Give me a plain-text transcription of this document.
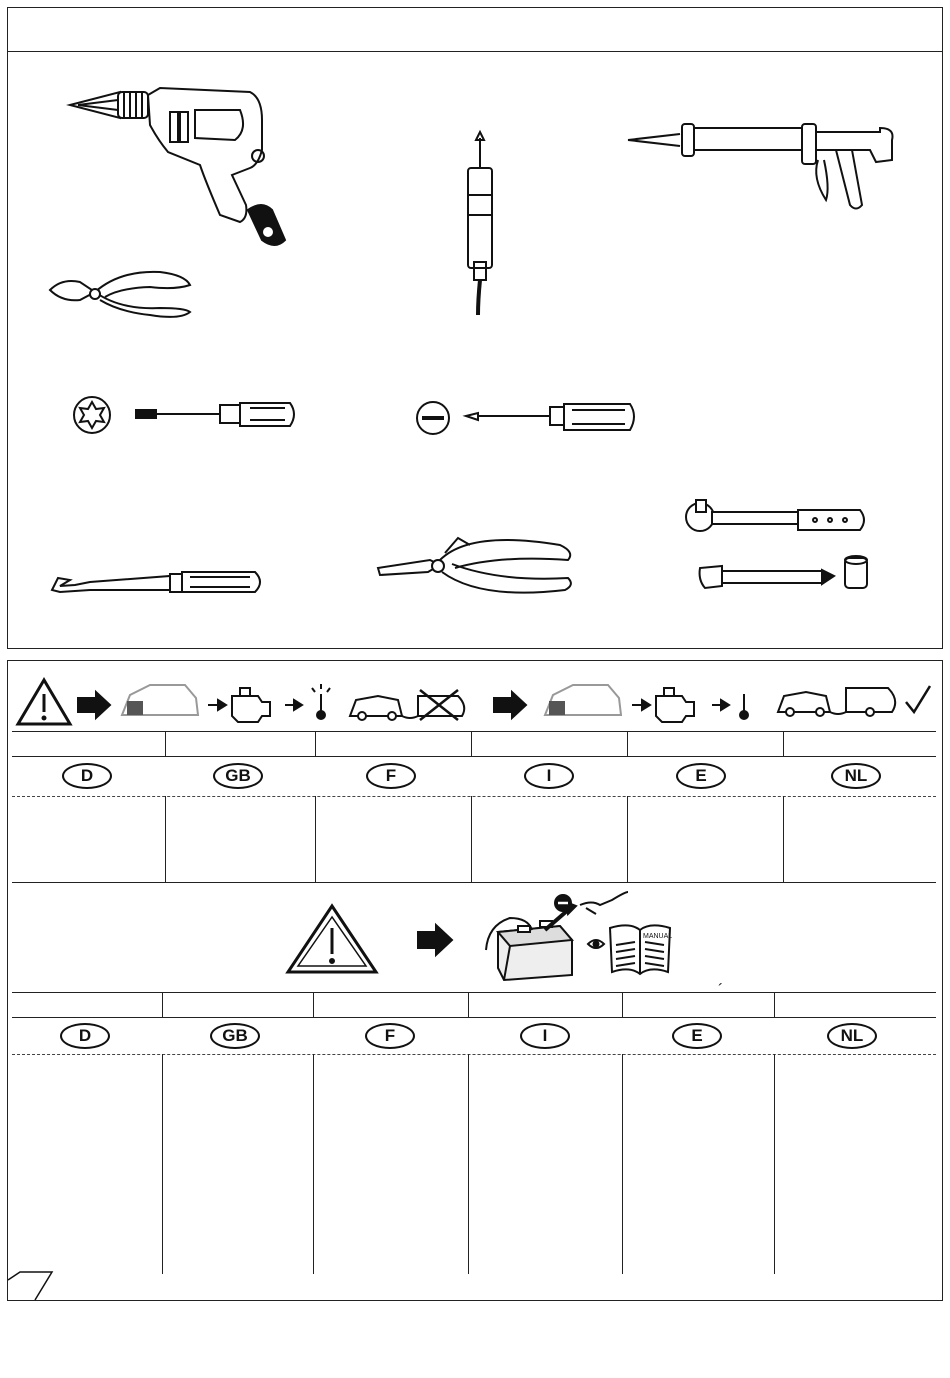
D	GB	F	I	E	NL
MANUAL
´
D	GB	F	I	E	NL
